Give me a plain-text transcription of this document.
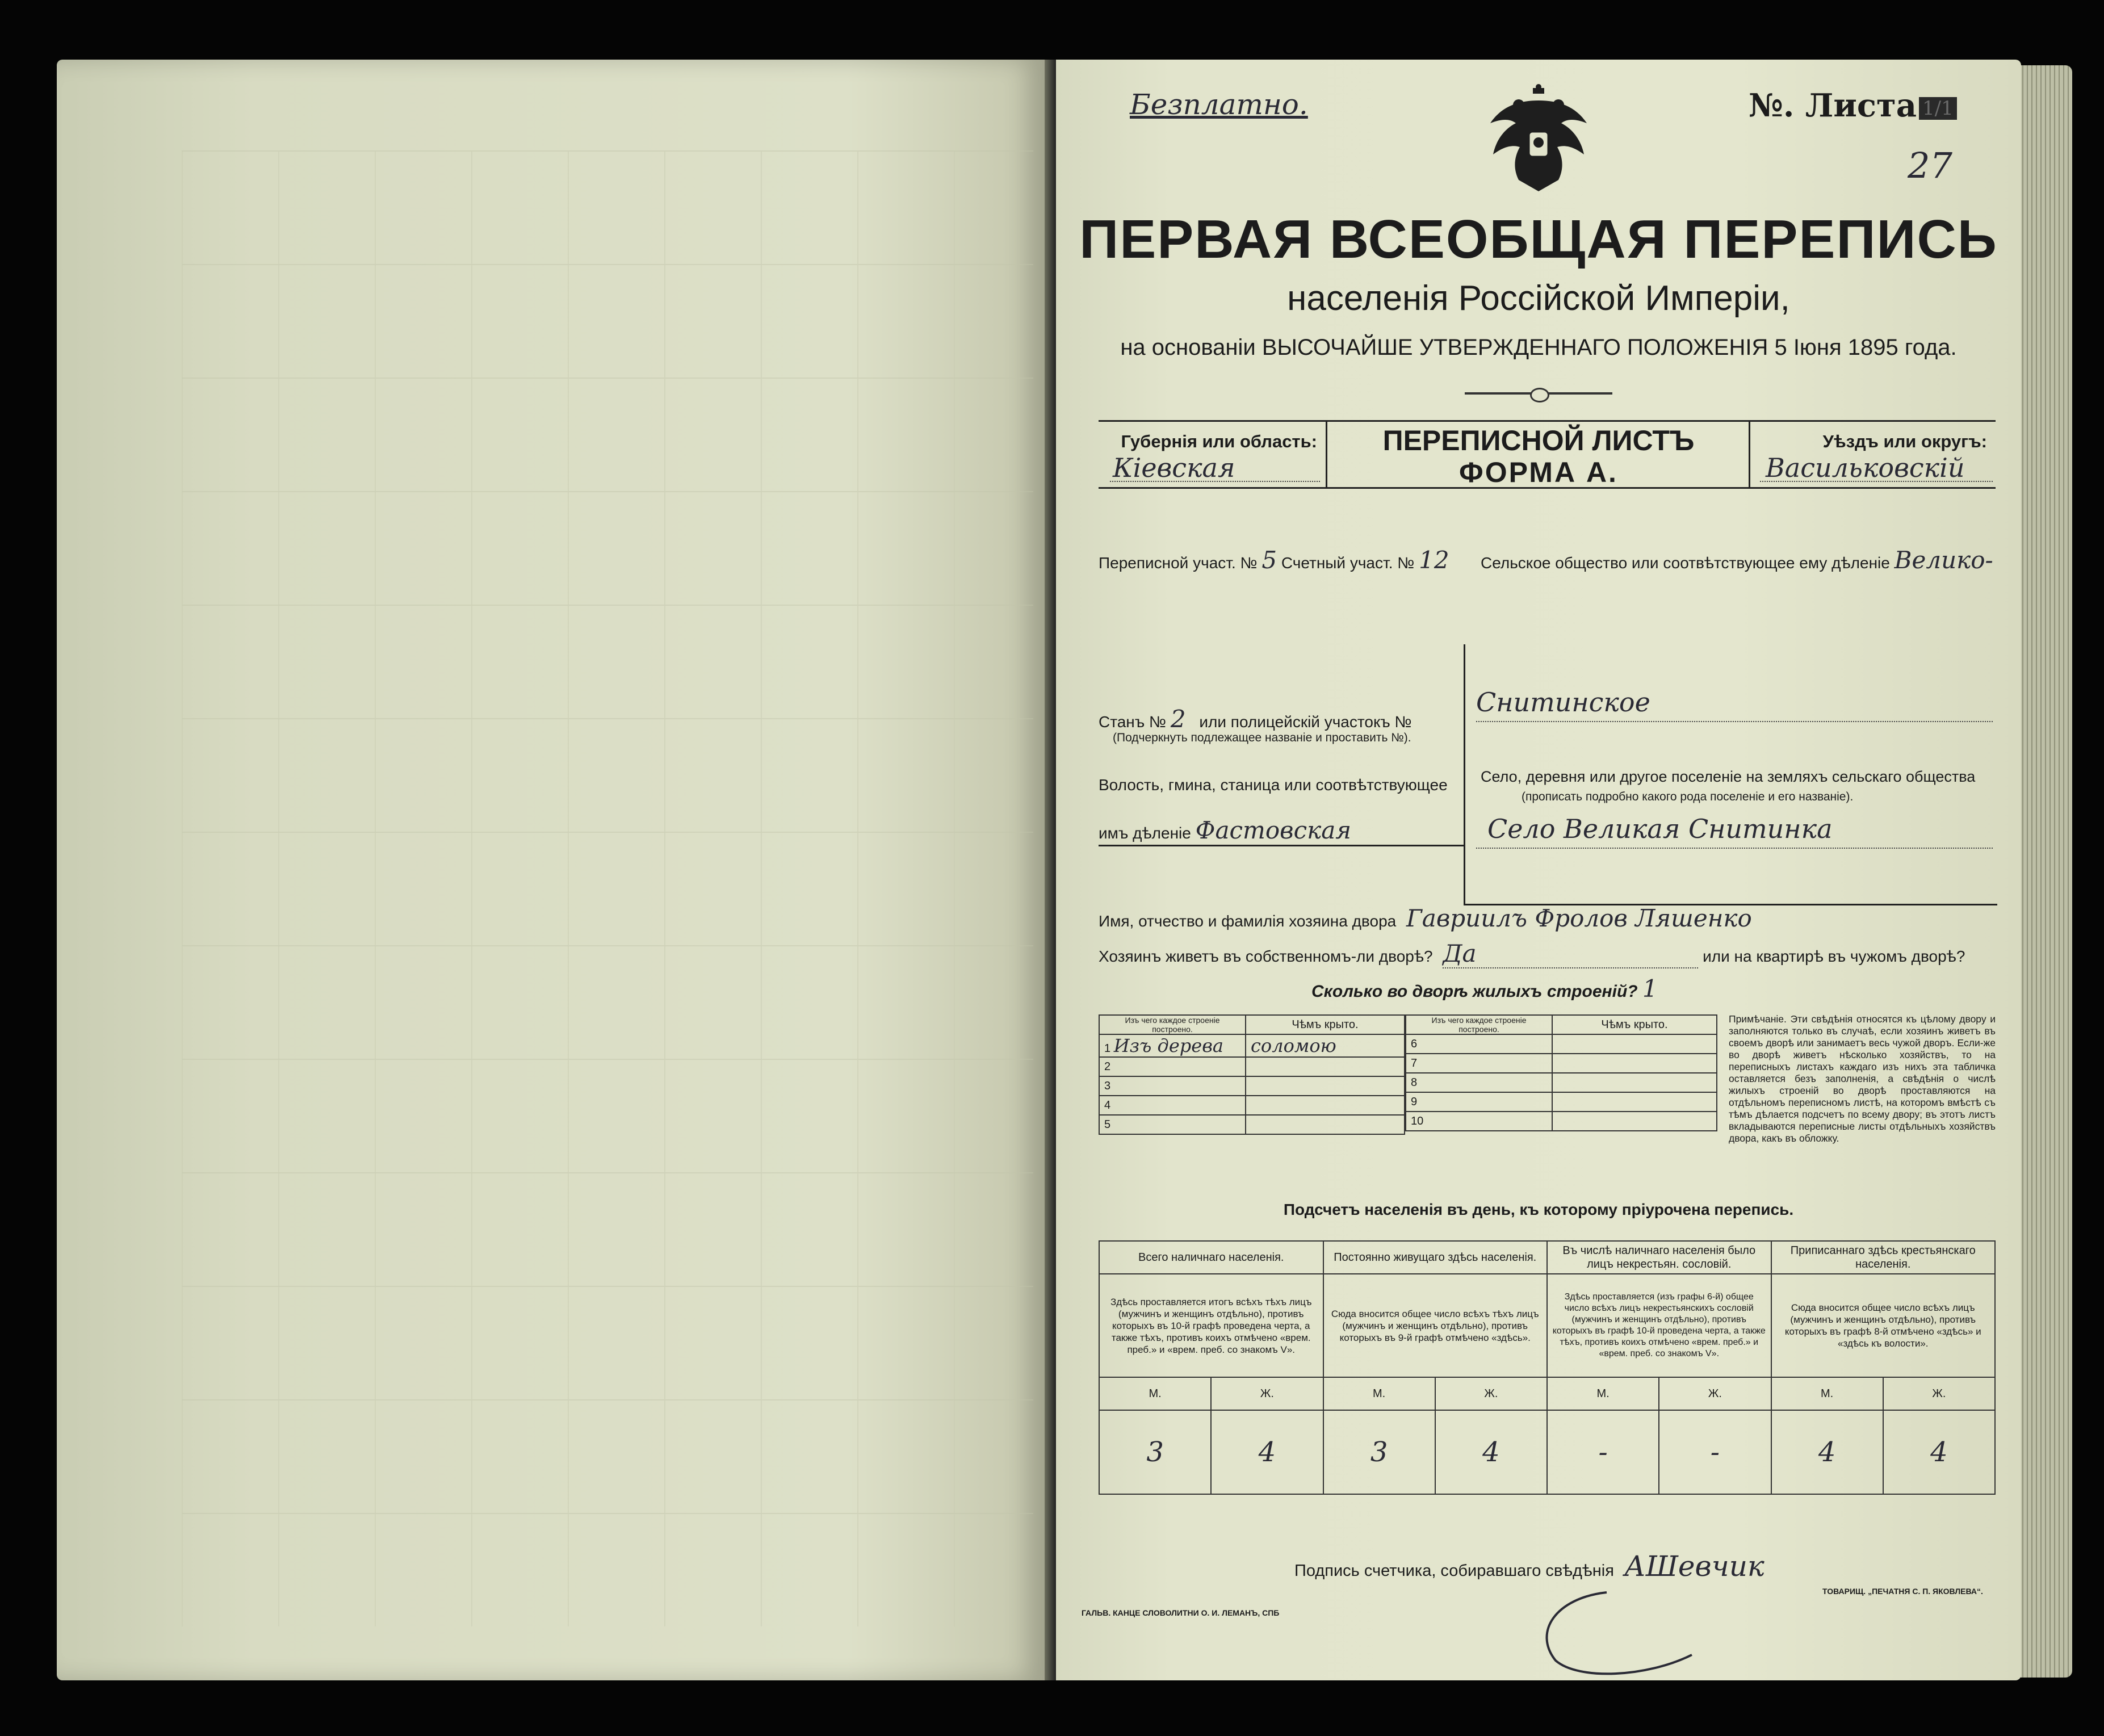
Безплатно.	№. Листа 1/1
27
ПЕРВАЯ ВСЕОБЩАЯ ПЕРЕПИСЬ
населенія Россійской Имперіи,
на основаніи ВЫСОЧАЙШЕ УТВЕРЖДЕННАГО ПОЛОЖЕНІЯ 5 Іюня 1895 года.
Губернія или область:
Кіевская
ПЕРЕПИСНОЙ ЛИСТЪ
ФОРМА А.
Уѣздъ или округъ:
Васильковскій
Переписной участ. № 5 Счетный участ. № 12
Станъ № 2 или полицейскій участокъ №
(Подчеркнуть подлежащее названіе и проставить №).
Волость, гмина, станица или соотвѣтствующее
имъ дѣленіе Фастовская
Сельское общество или соотвѣтствующее ему дѣленіе Велико-
Снитинское
Село, деревня или другое поселеніе на земляхъ сельскаго общества
(прописать подробно какого рода поселеніе и его названіе).
Село Великая Снитинка
Имя, отчество и фамилія хозяина двора Гавриилъ Фролов Ляшенко
Хозяинъ живетъ въ собственномъ-ли дворѣ? Да	или на квартирѣ въ чужомъ дворѣ?
Сколько во дворѣ жилыхъ строеній? 1
Изъ чего каждое строеніе построено.	Чѣмъ крыто.
1 Изъ дерева	соломою
2	
3	
4	
5	
Изъ чего каждое строеніе построено.	Чѣмъ крыто.
6	
7	
8	
9	
10	
Примѣчаніе. Эти свѣдѣнія относятся къ цѣлому двору и заполняются только въ случаѣ, если хозяинъ живетъ въ своемъ дворѣ или занимаетъ весь чужой дворъ. Если-же во дворѣ живетъ нѣсколько хозяйствъ, то на переписныхъ листахъ каждаго изъ нихъ эта табличка оставляется безъ заполненія, а свѣдѣнія о числѣ жилыхъ строеній во дворѣ проставляются на отдѣльномъ переписномъ листѣ, на которомъ вмѣстѣ съ тѣмъ дѣлается подсчетъ по всему двору; въ этотъ листъ вкладываются переписные листы отдѣльныхъ хозяйствъ двора, какъ въ обложку.
Подсчетъ населенія въ день, къ которому пріурочена перепись.
Всего наличнаго населенія.		Постоянно живущаго здѣсь населенія.		Въ числѣ наличнаго населенія было лицъ некрестьян. сословій.		Приписаннаго здѣсь крестьянскаго населенія.	
Здѣсь проставляется итогъ всѣхъ тѣхъ лицъ (мужчинъ и женщинъ отдѣльно), противъ которыхъ въ 10-й графѣ проведена черта, а также тѣхъ, противъ коихъ отмѣчено «врем. преб.» и «врем. преб. со знакомъ V».		Сюда вносится общее число всѣхъ тѣхъ лицъ (мужчинъ и женщинъ отдѣльно), противъ которыхъ въ 9-й графѣ отмѣчено «здѣсь».		Здѣсь проставляется (изъ графы 6-й) общее число всѣхъ лицъ некрестьянскихъ сословій (мужчинъ и женщинъ отдѣльно), противъ которыхъ въ графѣ 10-й проведена черта, а также тѣхъ, противъ коихъ отмѣчено «врем. преб.» и «врем. преб. со знакомъ V».		Сюда вносится общее число всѣхъ лицъ (мужчинъ и женщинъ отдѣльно), противъ которыхъ въ графѣ 8-й отмѣчено «здѣсь» и «здѣсь къ волости».	
М.	Ж.	М.	Ж.	М.	Ж.	М.	Ж.
3	4	3	4	-	-	4	4
Подпись счетчика, собиравшаго свѣдѣнія АШевчик
ГАЛЬВ. КАНЦЕ СЛОВОЛИТНИ О. И. ЛЕМАНЪ, СПБ
ТОВАРИЩ. „ПЕЧАТНЯ С. П. ЯКОВЛЕВА“.
